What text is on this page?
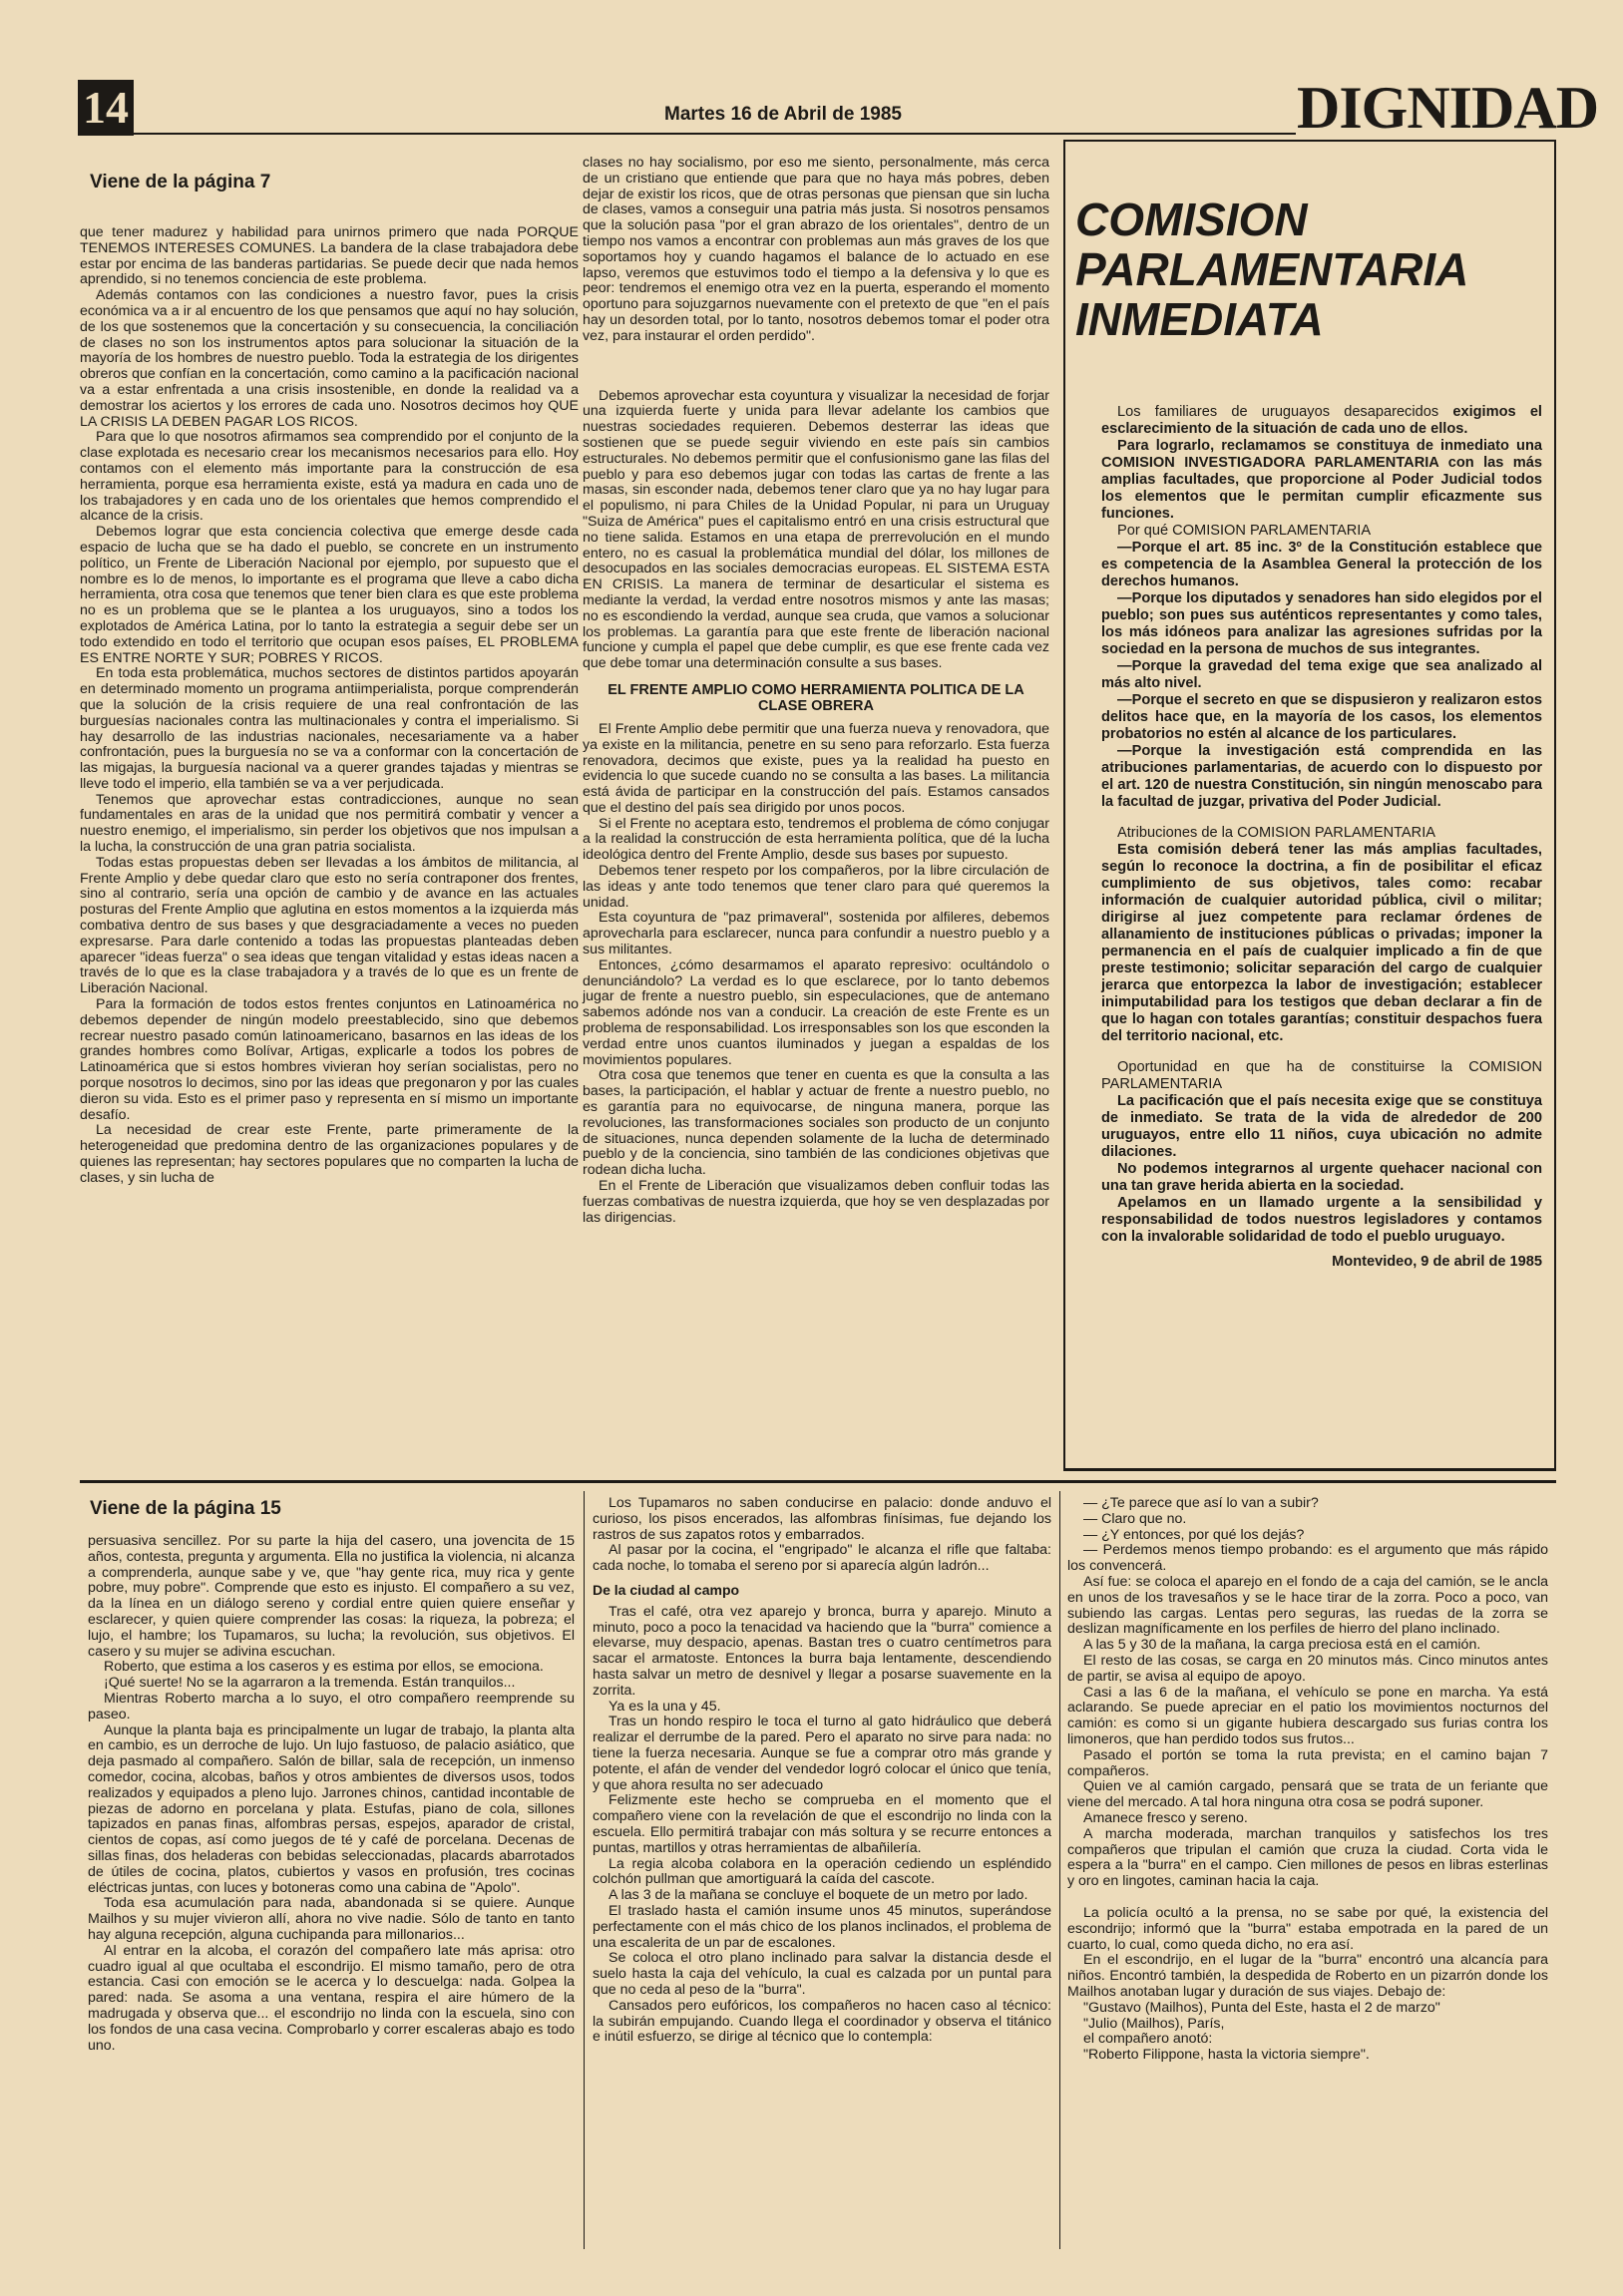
14	Martes 16 de Abril de 1985	DIGNIDAD
Viene de la página 7

que tener madurez y habilidad para unirnos primero que nada PORQUE TENEMOS INTERESES COMUNES. La bandera de la clase trabajadora debe estar por encima de las banderas partidarias. Se puede decir que nada hemos aprendido, si no tenemos conciencia de este problema.

Además contamos con las condiciones a nuestro favor, pues la crisis económica va a ir al encuentro de los que pensamos que aquí no hay solución, de los que sostenemos que la concertación y su consecuencia, la conciliación de clases no son los instrumentos aptos para solucionar la situación de la mayoría de los hombres de nuestro pueblo. Toda la estrategia de los dirigentes obreros que confían en la concertación, como camino a la pacificación nacional va a estar enfrentada a una crisis insostenible, en donde la realidad va a demostrar los aciertos y los errores de cada uno. Nosotros decimos hoy QUE LA CRISIS LA DEBEN PAGAR LOS RICOS.

Para que lo que nosotros afirmamos sea comprendido por el conjunto de la clase explotada es necesario crear los mecanismos necesarios para ello. Hoy contamos con el elemento más importante para la construcción de esa herramienta, porque esa herramienta existe, está ya madura en cada uno de los trabajadores y en cada uno de los orientales que hemos comprendido el alcance de la crisis.

Debemos lograr que esta conciencia colectiva que emerge desde cada espacio de lucha que se ha dado el pueblo, se concrete en un instrumento político, un Frente de Liberación Nacional por ejemplo, por supuesto que el nombre es lo de menos, lo importante es el programa que lleve a cabo dicha herramienta, otra cosa que tenemos que tener bien clara es que este problema no es un problema que se le plantea a los uruguayos, sino a todos los explotados de América Latina, por lo tanto la estrategia a seguir debe ser un todo extendido en todo el territorio que ocupan esos países, EL PROBLEMA ES ENTRE NORTE Y SUR; POBRES Y RICOS.

En toda esta problemática, muchos sectores de distintos partidos apoyarán en determinado momento un programa antiimperialista, porque comprenderán que la solución de la crisis requiere de una real confrontación de las burguesías nacionales contra las multinacionales y contra el imperialismo. Si hay desarrollo de las industrias nacionales, necesariamente va a haber confrontación, pues la burguesía no se va a conformar con la concertación de las migajas, la burguesía nacional va a querer grandes tajadas y mientras se lleve todo el imperio, ella también se va a ver perjudicada.

Tenemos que aprovechar estas contradicciones, aunque no sean fundamentales en aras de la unidad que nos permitirá combatir y vencer a nuestro enemigo, el imperialismo, sin perder los objetivos que nos impulsan a la lucha, la construcción de una gran patria socialista.

Todas estas propuestas deben ser llevadas a los ámbitos de militancia, al Frente Amplio y debe quedar claro que esto no sería contraponer dos frentes, sino al contrario, sería una opción de cambio y de avance en las actuales posturas del Frente Amplio que aglutina en estos momentos a la izquierda más combativa dentro de sus bases y que desgraciadamente a veces no pueden expresarse. Para darle contenido a todas las propuestas planteadas deben aparecer "ideas fuerza" o sea ideas que tengan vitalidad y estas ideas nacen a través de lo que es la clase trabajadora y a través de lo que es un frente de Liberación Nacional.

Para la formación de todos estos frentes conjuntos en Latinoamérica no debemos depender de ningún modelo preestablecido, sino que debemos recrear nuestro pasado común latinoamericano, basarnos en las ideas de los grandes hombres como Bolívar, Artigas, explicarle a todos los pobres de Latinoamérica que si estos hombres vivieran hoy serían socialistas, pero no porque nosotros lo decimos, sino por las ideas que pregonaron y por las cuales dieron su vida. Esto es el primer paso y representa en sí mismo un importante desafío.

La necesidad de crear este Frente, parte primeramente de la heterogeneidad que predomina dentro de las organizaciones populares y de quienes las representan; hay sectores populares que no comparten la lucha de clases, y sin lucha de

clases no hay socialismo, por eso me siento, personalmente, más cerca de un cristiano que entiende que para que no haya más pobres, deben dejar de existir los ricos, que de otras personas que piensan que sin lucha de clases, vamos a conseguir una patria más justa. Si nosotros pensamos que la solución pasa "por el gran abrazo de los orientales", dentro de un tiempo nos vamos a encontrar con problemas aun más graves de los que soportamos hoy y cuando hagamos el balance de lo actuado en ese lapso, veremos que estuvimos todo el tiempo a la defensiva y lo que es peor: tendremos el enemigo otra vez en la puerta, esperando el momento oportuno para sojuzgarnos nuevamente con el pretexto de que "en el país hay un desorden total, por lo tanto, nosotros debemos tomar el poder otra vez, para instaurar el orden perdido".

Debemos aprovechar esta coyuntura y visualizar la necesidad de forjar una izquierda fuerte y unida para llevar adelante los cambios que nuestras sociedades requieren. Debemos desterrar las ideas que sostienen que se puede seguir viviendo en este país sin cambios estructurales. No debemos permitir que el confusionismo gane las filas del pueblo y para eso debemos jugar con todas las cartas de frente a las masas, sin esconder nada, debemos tener claro que ya no hay lugar para el populismo, ni para Chiles de la Unidad Popular, ni para un Uruguay "Suiza de América" pues el capitalismo entró en una crisis estructural que no tiene salida. Estamos en una etapa de prerrevolución en el mundo entero, no es casual la problemática mundial del dólar, los millones de desocupados en las sociales democracias europeas. EL SISTEMA ESTA EN CRISIS. La manera de terminar de desarticular el sistema es mediante la verdad, la verdad entre nosotros mismos y ante las masas; no es escondiendo la verdad, aunque sea cruda, que vamos a solucionar los problemas. La garantía para que este frente de liberación nacional funcione y cumpla el papel que debe cumplir, es que ese frente cada vez que debe tomar una determinación consulte a sus bases.

EL FRENTE AMPLIO COMO HERRAMIENTA POLITICA DE LA CLASE OBRERA

El Frente Amplio debe permitir que una fuerza nueva y renovadora, que ya existe en la militancia, penetre en su seno para reforzarlo. Esta fuerza renovadora, decimos que existe, pues ya la realidad ha puesto en evidencia lo que sucede cuando no se consulta a las bases. La militancia está ávida de participar en la construcción del país. Estamos cansados que el destino del país sea dirigido por unos pocos.

Si el Frente no aceptara esto, tendremos el problema de cómo conjugar a la realidad la construcción de esta herramienta política, que dé la lucha ideológica dentro del Frente Amplio, desde sus bases por supuesto.

Debemos tener respeto por los compañeros, por la libre circulación de las ideas y ante todo tenemos que tener claro para qué queremos la unidad.

Esta coyuntura de "paz primaveral", sostenida por alfileres, debemos aprovecharla para esclarecer, nunca para confundir a nuestro pueblo y a sus militantes.

Entonces, ¿cómo desarmamos el aparato represivo: ocultándolo o denunciándolo? La verdad es lo que esclarece, por lo tanto debemos jugar de frente a nuestro pueblo, sin especulaciones, que de antemano sabemos adónde nos van a conducir. La creación de este Frente es un problema de responsabilidad. Los irresponsables son los que esconden la verdad entre unos cuantos iluminados y juegan a espaldas de los movimientos populares.

Otra cosa que tenemos que tener en cuenta es que la consulta a las bases, la participación, el hablar y actuar de frente a nuestro pueblo, no es garantía para no equivocarse, de ninguna manera, porque las revoluciones, las transformaciones sociales son producto de un conjunto de situaciones, nunca dependen solamente de la lucha de determinado pueblo y de la conciencia, sino también de las condiciones objetivas que rodean dicha lucha.

En el Frente de Liberación que visualizamos deben confluir todas las fuerzas combativas de nuestra izquierda, que hoy se ven desplazadas por las dirigencias.

COMISION
PARLAMENTARIA
INMEDIATA

Los familiares de uruguayos desaparecidos exigimos el esclarecimiento de la situación de cada uno de ellos.

Para lograrlo, reclamamos se constituya de inmediato una COMISION INVESTIGADORA PARLAMENTARIA con las más amplias facultades, que proporcione al Poder Judicial todos los elementos que le permitan cumplir eficazmente sus funciones.

Por qué COMISION PARLAMENTARIA

—Porque el art. 85 inc. 3º de la Constitución establece que es competencia de la Asamblea General la protección de los derechos humanos.

—Porque los diputados y senadores han sido elegidos por el pueblo; son pues sus auténticos representantes y como tales, los más idóneos para analizar las agresiones sufridas por la sociedad en la persona de muchos de sus integrantes.

—Porque la gravedad del tema exige que sea analizado al más alto nivel.

—Porque el secreto en que se dispusieron y realizaron estos delitos hace que, en la mayoría de los casos, los elementos probatorios no estén al alcance de los particulares.

—Porque la investigación está comprendida en las atribuciones parlamentarias, de acuerdo con lo dispuesto por el art. 120 de nuestra Constitución, sin ningún menoscabo para la facultad de juzgar, privativa del Poder Judicial.

Atribuciones de la COMISION PARLAMENTARIA

Esta comisión deberá tener las más amplias facultades, según lo reconoce la doctrina, a fin de posibilitar el eficaz cumplimiento de sus objetivos, tales como: recabar información de cualquier autoridad pública, civil o militar; dirigirse al juez competente para reclamar órdenes de allanamiento de instituciones públicas o privadas; imponer la permanencia en el país de cualquier implicado a fin de que preste testimonio; solicitar separación del cargo de cualquier jerarca que entorpezca la labor de investigación; establecer inimputabilidad para los testigos que deban declarar a fin de que lo hagan con totales garantías; constituir despachos fuera del territorio nacional, etc.

Oportunidad en que ha de constituirse la COMISION PARLAMENTARIA

La pacificación que el país necesita exige que se constituya de inmediato. Se trata de la vida de alrededor de 200 uruguayos, entre ello 11 niños, cuya ubicación no admite dilaciones.

No podemos integrarnos al urgente quehacer nacional con una tan grave herida abierta en la sociedad.

Apelamos en un llamado urgente a la sensibilidad y responsabilidad de todos nuestros legisladores y contamos con la invalorable solidaridad de todo el pueblo uruguayo.

Montevideo, 9 de abril de 1985
Viene de la página 15

persuasiva sencillez. Por su parte la hija del casero, una jovencita de 15 años, contesta, pregunta y argumenta. Ella no justifica la violencia, ni alcanza a comprenderla, aunque sabe y ve, que "hay gente rica, muy rica y gente pobre, muy pobre". Comprende que esto es injusto. El compañero a su vez, da la línea en un diálogo sereno y cordial entre quien quiere enseñar y esclarecer, y quien quiere comprender las cosas: la riqueza, la pobreza; el lujo, el hambre; los Tupamaros, su lucha; la revolución, sus objetivos. El casero y su mujer se adivina escuchan.

Roberto, que estima a los caseros y es estima por ellos, se emociona.

¡Qué suerte! No se la agarraron a la tremenda. Están tranquilos...

Mientras Roberto marcha a lo suyo, el otro compañero reemprende su paseo.

Aunque la planta baja es principalmente un lugar de trabajo, la planta alta en cambio, es un derroche de lujo. Un lujo fastuoso, de palacio asiático, que deja pasmado al compañero. Salón de billar, sala de recepción, un inmenso comedor, cocina, alcobas, baños y otros ambientes de diversos usos, todos realizados y equipados a pleno lujo. Jarrones chinos, cantidad incontable de piezas de adorno en porcelana y plata. Estufas, piano de cola, sillones tapizados en panas finas, alfombras persas, espejos, aparador de cristal, cientos de copas, así como juegos de té y café de porcelana. Decenas de sillas finas, dos heladeras con bebidas seleccionadas, placards abarrotados de útiles de cocina, platos, cubiertos y vasos en profusión, tres cocinas eléctricas juntas, con luces y botoneras como una cabina de "Apolo".

Toda esa acumulación para nada, abandonada si se quiere. Aunque Mailhos y su mujer vivieron allí, ahora no vive nadie. Sólo de tanto en tanto hay alguna recepción, alguna cuchipanda para millonarios...

Al entrar en la alcoba, el corazón del compañero late más aprisa: otro cuadro igual al que ocultaba el escondrijo. El mismo tamaño, pero de otra estancia. Casi con emoción se le acerca y lo descuelga: nada. Golpea la pared: nada. Se asoma a una ventana, respira el aire húmero de la madrugada y observa que... el escondrijo no linda con la escuela, sino con los fondos de una casa vecina. Comprobarlo y correr escaleras abajo es todo uno.

Los Tupamaros no saben conducirse en palacio: donde anduvo el curioso, los pisos encerados, las alfombras finísimas, fue dejando los rastros de sus zapatos rotos y embarrados.

Al pasar por la cocina, el "engripado" le alcanza el rifle que faltaba: cada noche, lo tomaba el sereno por si aparecía algún ladrón...

De la ciudad al campo

Tras el café, otra vez aparejo y bronca, burra y aparejo. Minuto a minuto, poco a poco la tenacidad va haciendo que la "burra" comience a elevarse, muy despacio, apenas. Bastan tres o cuatro centímetros para sacar el armatoste. Entonces la burra baja lentamente, descendiendo hasta salvar un metro de desnivel y llegar a posarse suavemente en la zorrita.

Ya es la una y 45.

Tras un hondo respiro le toca el turno al gato hidráulico que deberá realizar el derrumbe de la pared. Pero el aparato no sirve para nada: no tiene la fuerza necesaria. Aunque se fue a comprar otro más grande y potente, el afán de vender del vendedor logró colocar el único que tenía, y que ahora resulta no ser adecuado

Felizmente este hecho se comprueba en el momento que el compañero viene con la revelación de que el escondrijo no linda con la escuela. Ello permitirá trabajar con más soltura y se recurre entonces a puntas, martillos y otras herramientas de albañilería.

La regia alcoba colabora en la operación cediendo un espléndido colchón pullman que amortiguará la caída del cascote.

A las 3 de la mañana se concluye el boquete de un metro por lado.

El traslado hasta el camión insume unos 45 minutos, superándose perfectamente con el más chico de los planos inclinados, el problema de una escalerita de un par de escalones.

Se coloca el otro plano inclinado para salvar la distancia desde el suelo hasta la caja del vehículo, la cual es calzada por un puntal para que no ceda al peso de la "burra".

Cansados pero eufóricos, los compañeros no hacen caso al técnico: la subirán empujando. Cuando llega el coordinador y observa el titánico e inútil esfuerzo, se dirige al técnico que lo contempla:

— ¿Te parece que así lo van a subir?

— Claro que no.

— ¿Y entonces, por qué los dejás?

— Perdemos menos tiempo probando: es el argumento que más rápido los convencerá.

Así fue: se coloca el aparejo en el fondo de a caja del camión, se le ancla en unos de los travesaños y se le hace tirar de la zorra. Poco a poco, van subiendo las cargas. Lentas pero seguras, las ruedas de la zorra se deslizan magníficamente en los perfiles de hierro del plano inclinado.

A las 5 y 30 de la mañana, la carga preciosa está en el camión.

El resto de las cosas, se carga en 20 minutos más. Cinco minutos antes de partir, se avisa al equipo de apoyo.

Casi a las 6 de la mañana, el vehículo se pone en marcha. Ya está aclarando. Se puede apreciar en el patio los movimientos nocturnos del camión: es como si un gigante hubiera descargado sus furias contra los limoneros, que han perdido todos sus frutos...

Pasado el portón se toma la ruta prevista; en el camino bajan 7 compañeros.

Quien ve al camión cargado, pensará que se trata de un feriante que viene del mercado. A tal hora ninguna otra cosa se podrá suponer.

Amanece fresco y sereno.

A marcha moderada, marchan tranquilos y satisfechos los tres compañeros que tripulan el camión que cruza la ciudad. Corta vida le espera a la "burra" en el campo. Cien millones de pesos en libras esterlinas y oro en lingotes, caminan hacia la caja.

La policía ocultó a la prensa, no se sabe por qué, la existencia del escondrijo; informó que la "burra" estaba empotrada en la pared de un cuarto, lo cual, como queda dicho, no era así.

En el escondrijo, en el lugar de la "burra" encontró una alcancía para niños. Encontró también, la despedida de Roberto en un pizarrón donde los Mailhos anotaban lugar y duración de sus viajes. Debajo de:

"Gustavo (Mailhos), Punta del Este, hasta el 2 de marzo"

"Julio (Mailhos), París,

el compañero anotó:

"Roberto Filippone, hasta la victoria siempre".
